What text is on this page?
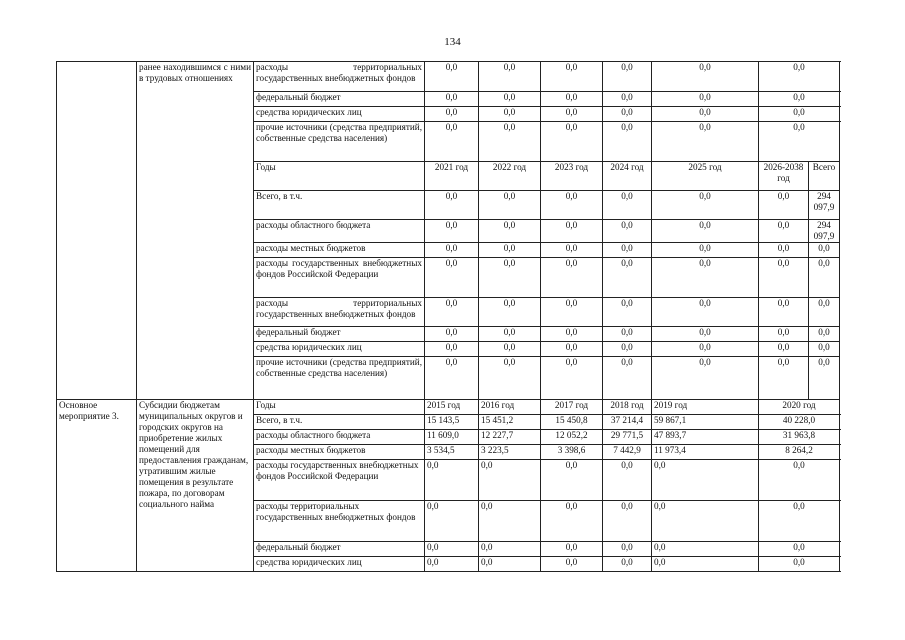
134
	ранее находившимся с ними в трудовых отношениях	расходы территориальных государственных внебюджетных фондов	0,0	0,0	0,0	0,0	0,0	0,0	
		федеральный бюджет	0,0	0,0	0,0	0,0	0,0	0,0	
		средства юридических лиц	0,0	0,0	0,0	0,0	0,0	0,0	
		прочие источники (средства предприятий, собственные средства населения)	0,0	0,0	0,0	0,0	0,0	0,0	
		Годы	2021 год	2022 год	2023 год	2024 год	2025 год	2026-2038 год	Всего
		Всего, в т.ч.	0,0	0,0	0,0	0,0	0,0	0,0	294 097,9
		расходы областного бюджета	0,0	0,0	0,0	0,0	0,0	0,0	294 097,9
		расходы местных бюджетов	0,0	0,0	0,0	0,0	0,0	0,0	0,0
		расходы государственных внебюджетных фондов Российской Федерации	0,0	0,0	0,0	0,0	0,0	0,0	0,0
		расходы территориальных государственных внебюджетных фондов	0,0	0,0	0,0	0,0	0,0	0,0	0,0
		федеральный бюджет	0,0	0,0	0,0	0,0	0,0	0,0	0,0
		средства юридических лиц	0,0	0,0	0,0	0,0	0,0	0,0	0,0
		прочие источники (средства предприятий, собственные средства населения)	0,0	0,0	0,0	0,0	0,0	0,0	0,0
Основное мероприятие 3.	Субсидии бюджетам муниципальных округов и городских округов на приобретение жилых помещений для предоставления гражданам, утратившим жилые помещения в результате пожара, по договорам социального найма	Годы	2015 год	2016 год	2017 год	2018 год	2019 год	2020 год	
		Всего, в т.ч.	15 143,5	15 451,2	15 450,8	37 214,4	59 867,1	40 228,0	
		расходы областного бюджета	11 609,0	12 227,7	12 052,2	29 771,5	47 893,7	31 963,8	
		расходы местных бюджетов	3 534,5	3 223,5	3 398,6	7 442,9	11 973,4	8 264,2	
		расходы государственных внебюджетных фондов Российской Федерации	0,0	0,0	0,0	0,0	0,0	0,0	
		расходы территориальных государственных внебюджетных фондов	0,0	0,0	0,0	0,0	0,0	0,0	
		федеральный бюджет	0,0	0,0	0,0	0,0	0,0	0,0	
		средства юридических лиц	0,0	0,0	0,0	0,0	0,0	0,0	
